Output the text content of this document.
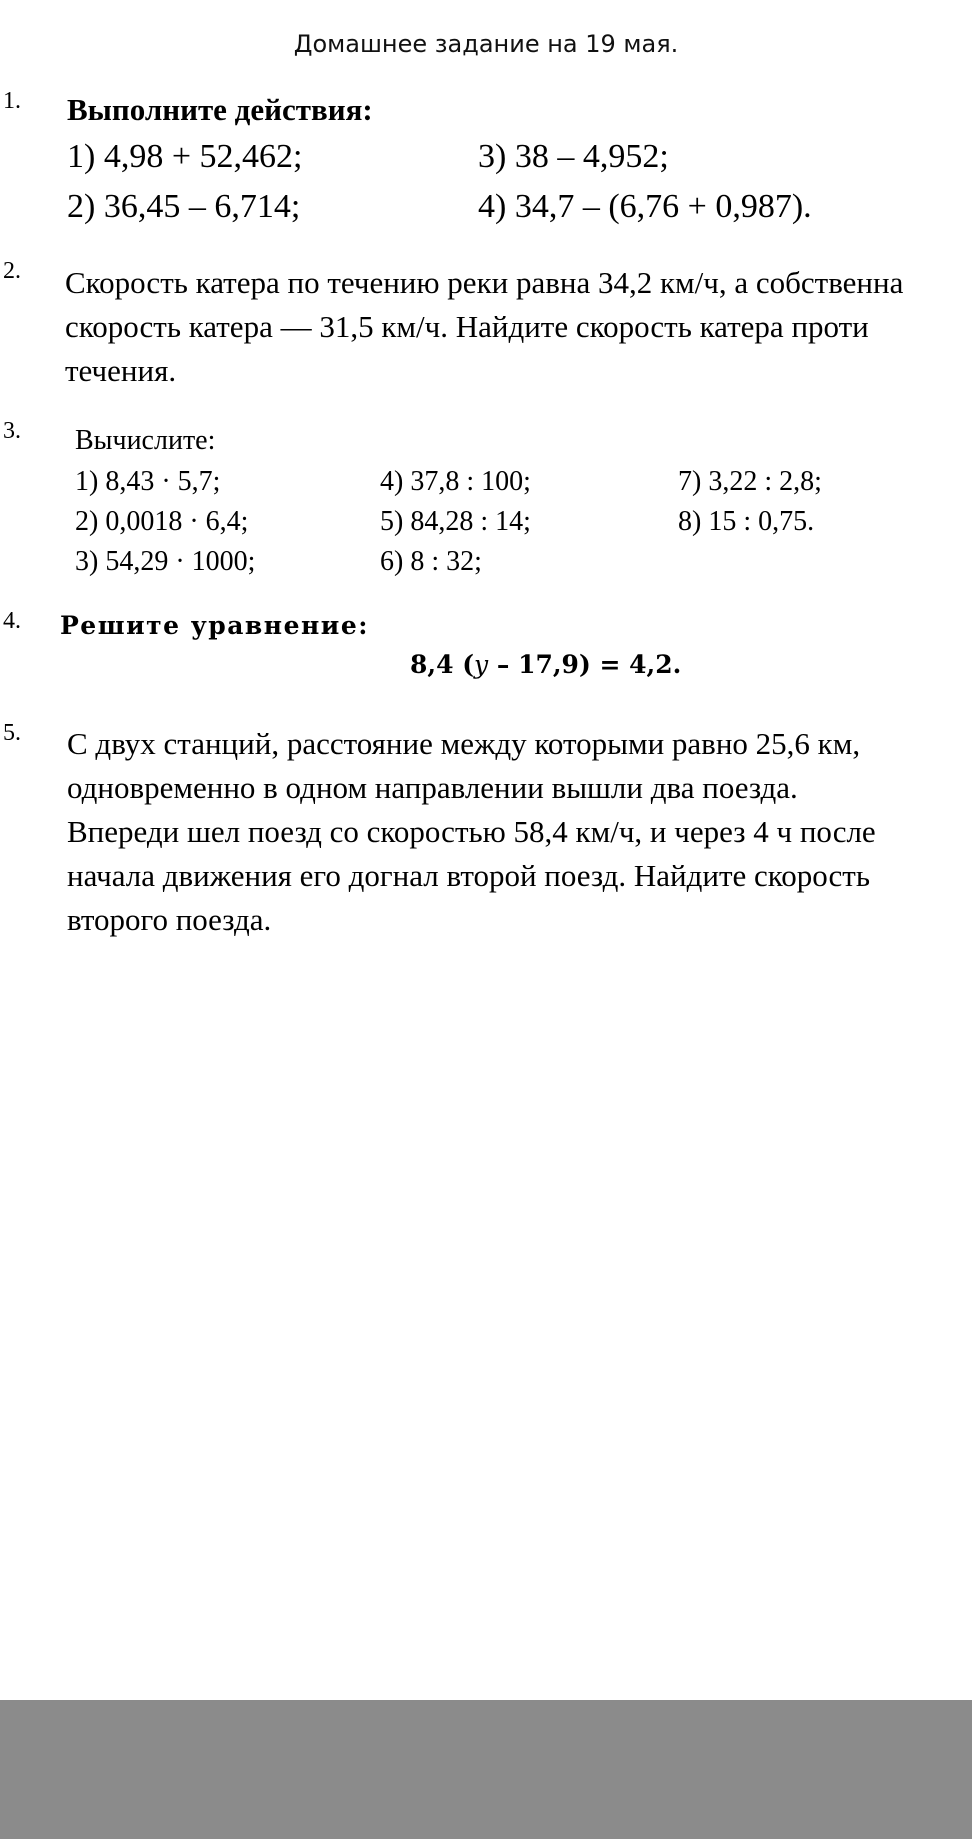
Домашнее задание на 19 мая.
1. Выполните действия:
1) 4,98 + 52,462;
2) 36,45 – 6,714;
3) 38 – 4,952;
4) 34,7 – (6,76 + 0,987).
2. Скорость катера по течению реки равна 34,2 км/ч, а собственна
скорость катера — 31,5 км/ч. Найдите скорость катера проти
течения.
3. Вычислите:
1) 8,43 · 5,7;
2) 0,0018 · 6,4;
3) 54,29 · 1000;
4) 37,8 : 100;
5) 84,28 : 14;
6) 8 : 32;
7) 3,22 : 2,8;
8) 15 : 0,75.
4. Решите уравнение:
8,4 (y – 17,9) = 4,2.
5. С двух станций, расстояние между которыми равно 25,6 км,
одновременно в одном направлении вышли два поезда.
Впереди шел поезд со скоростью 58,4 км/ч, и через 4 ч после
начала движения его догнал второй поезд. Найдите скорость
второго поезда.
